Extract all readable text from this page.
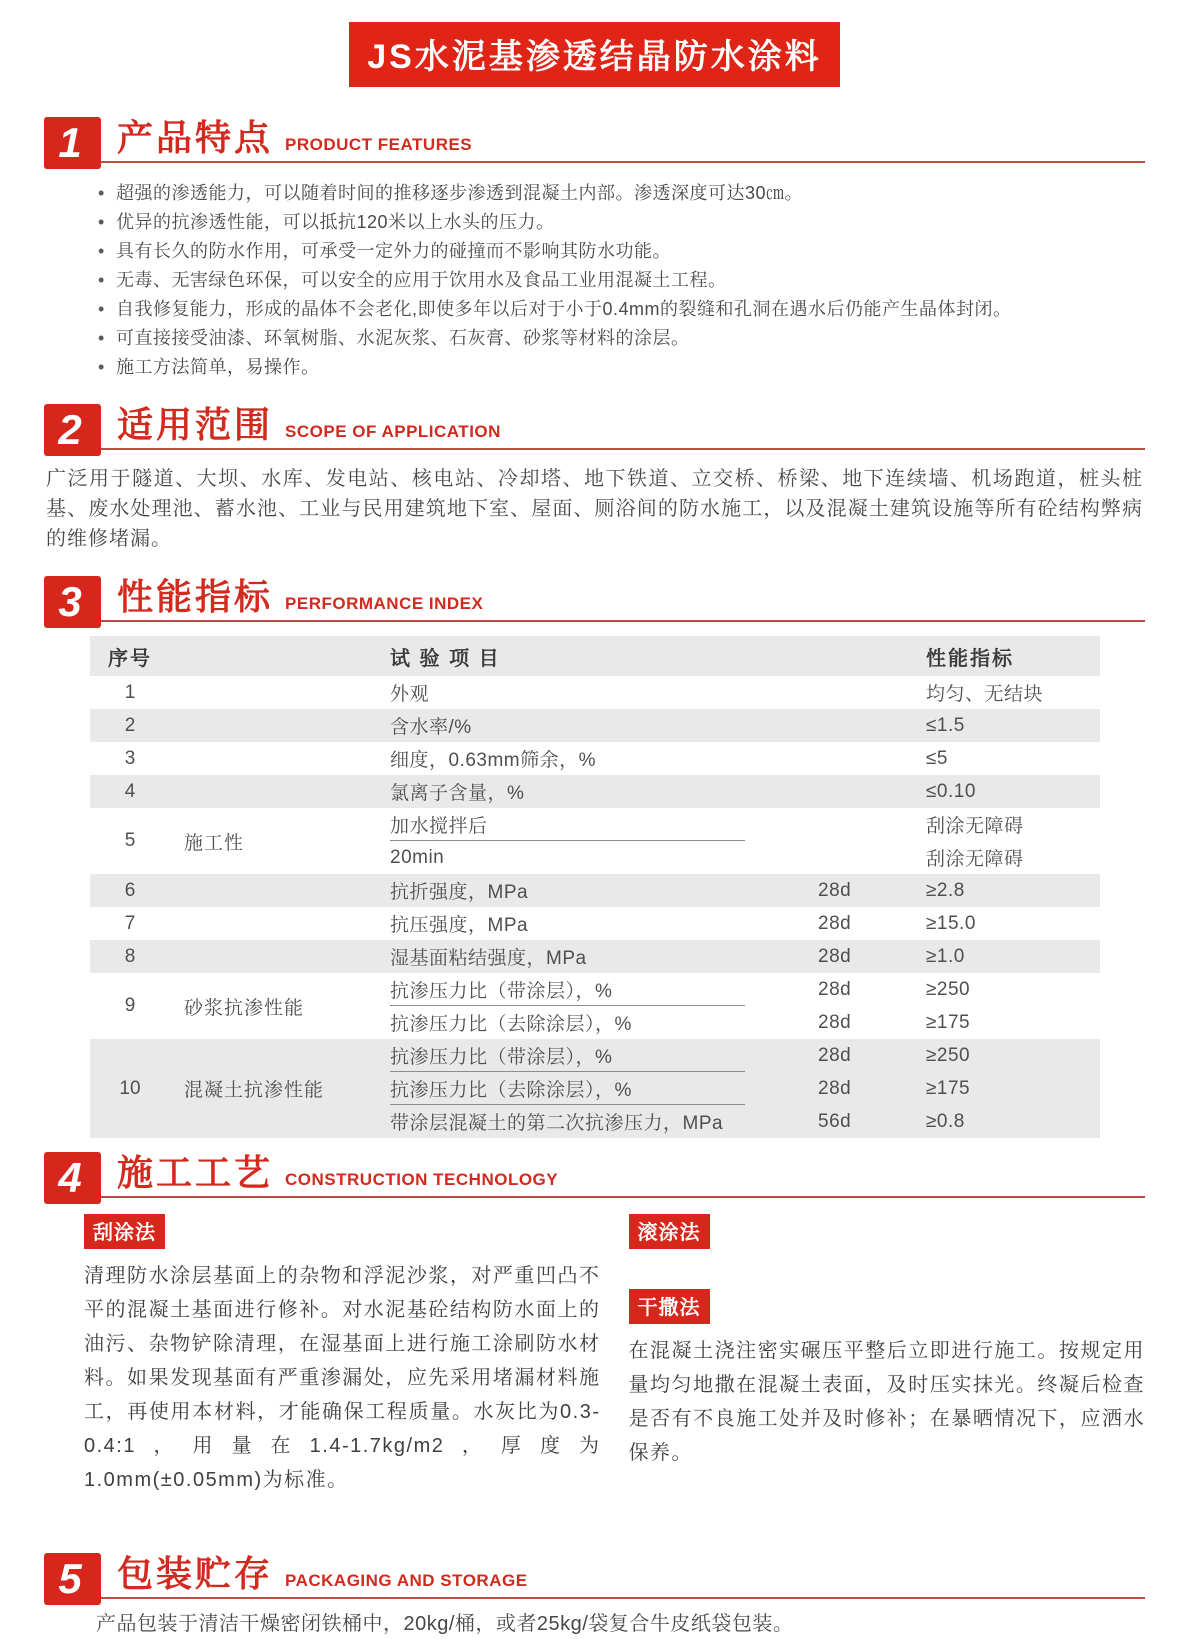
JS水泥基渗透结晶防水涂料
1 产品特点 PRODUCT FEATURES
• 超强的渗透能力，可以随着时间的推移逐步渗透到混凝土内部。渗透深度可达30㎝。
• 优异的抗渗透性能，可以抵抗120米以上水头的压力。
• 具有长久的防水作用，可承受一定外力的碰撞而不影响其防水功能。
• 无毒、无害绿色环保，可以安全的应用于饮用水及食品工业用混凝土工程。
• 自我修复能力，形成的晶体不会老化,即使多年以后对于小于0.4mm的裂缝和孔洞在遇水后仍能产生晶体封闭。
• 可直接接受油漆、环氧树脂、水泥灰浆、石灰膏、砂浆等材料的涂层。
• 施工方法简单，易操作。
2 适用范围 SCOPE OF APPLICATION

广泛用于隧道、大坝、水库、发电站、核电站、冷却塔、地下铁道、立交桥、桥梁、地下连续墙、机场跑道，桩头桩基、废水处理池、蓄水池、工业与民用建筑地下室、屋面、厕浴间的防水施工，以及混凝土建筑设施等所有砼结构弊病的维修堵漏。

3 性能指标 PERFORMANCE INDEX
序号	试 验 项 目	性能指标
1	外观	均匀、无结块
2	含水率/%	≤1.5
3	细度，0.63mm筛余，%	≤5
4	氯离子含量，%	≤0.10
5	施工性
加水搅拌后	刮涂无障碍
20min	刮涂无障碍
6	抗折强度，MPa	28d	≥2.8
7	抗压强度，MPa	28d	≥15.0
8	湿基面粘结强度，MPa	28d	≥1.0
9	砂浆抗渗性能
抗渗压力比（带涂层），%	28d	≥250
抗渗压力比（去除涂层），%	28d	≥175
10	混凝土抗渗性能
抗渗压力比（带涂层），%	28d	≥250
抗渗压力比（去除涂层），%	28d	≥175
带涂层混凝土的第二次抗渗压力，MPa	56d	≥0.8
4 施工工艺 CONSTRUCTION TECHNOLOGY
刮涂法
清理防水涂层基面上的杂物和浮泥沙浆，对严重凹凸不平的混凝土基面进行修补。对水泥基砼结构防水面上的油污、杂物铲除清理，在湿基面上进行施工涂刷防水材料。如果发现基面有严重渗漏处，应先采用堵漏材料施工，再使用本材料，才能确保工程质量。水灰比为0.3-0.4:1，用量在1.4-1.7kg/m2，厚度为1.0mm(±0.05mm)为标准。
滚涂法
干撒法
在混凝土浇注密实碾压平整后立即进行施工。按规定用量均匀地撒在混凝土表面，及时压实抹光。终凝后检查是否有不良施工处并及时修补；在暴晒情况下，应洒水保养。
5 包装贮存 PACKAGING AND STORAGE

产品包装于清洁干燥密闭铁桶中，20kg/桶，或者25kg/袋复合牛皮纸袋包装。
